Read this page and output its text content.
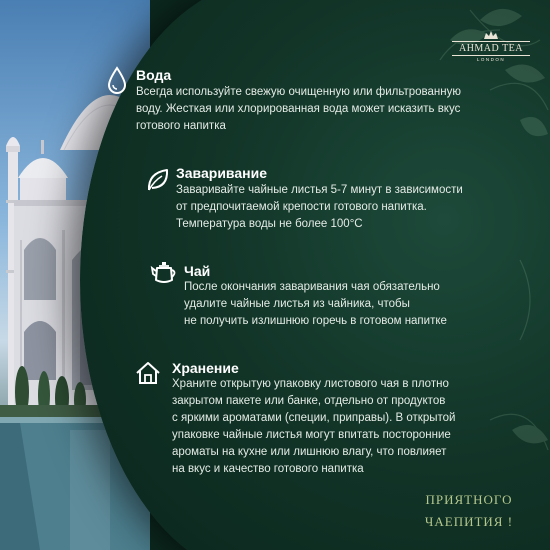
AHMAD TEA
LONDON
Вода
Всегда используйте свежую очищенную или фильтрованную
воду. Жесткая или хлорированная вода может исказить вкус
готового напитка
Заваривание
Заваривайте чайные листья 5-7 минут в зависимости
от предпочитаемой крепости готового напитка.
Температура воды не более 100°C
Чай
После окончания заваривания чая обязательно
удалите чайные листья из чайника, чтобы
не получить излишнюю горечь в готовом напитке
Хранение
Храните открытую упаковку листового чая в плотно
закрытом пакете или банке, отдельно от продуктов
с яркими ароматами (специи, приправы). В открытой
упаковке чайные листья могут впитать посторонние
ароматы на кухне или лишнюю влагу, что повлияет
на вкус и качество готового напитка
ПРИЯТНОГО
ЧАЕПИТИЯ !
